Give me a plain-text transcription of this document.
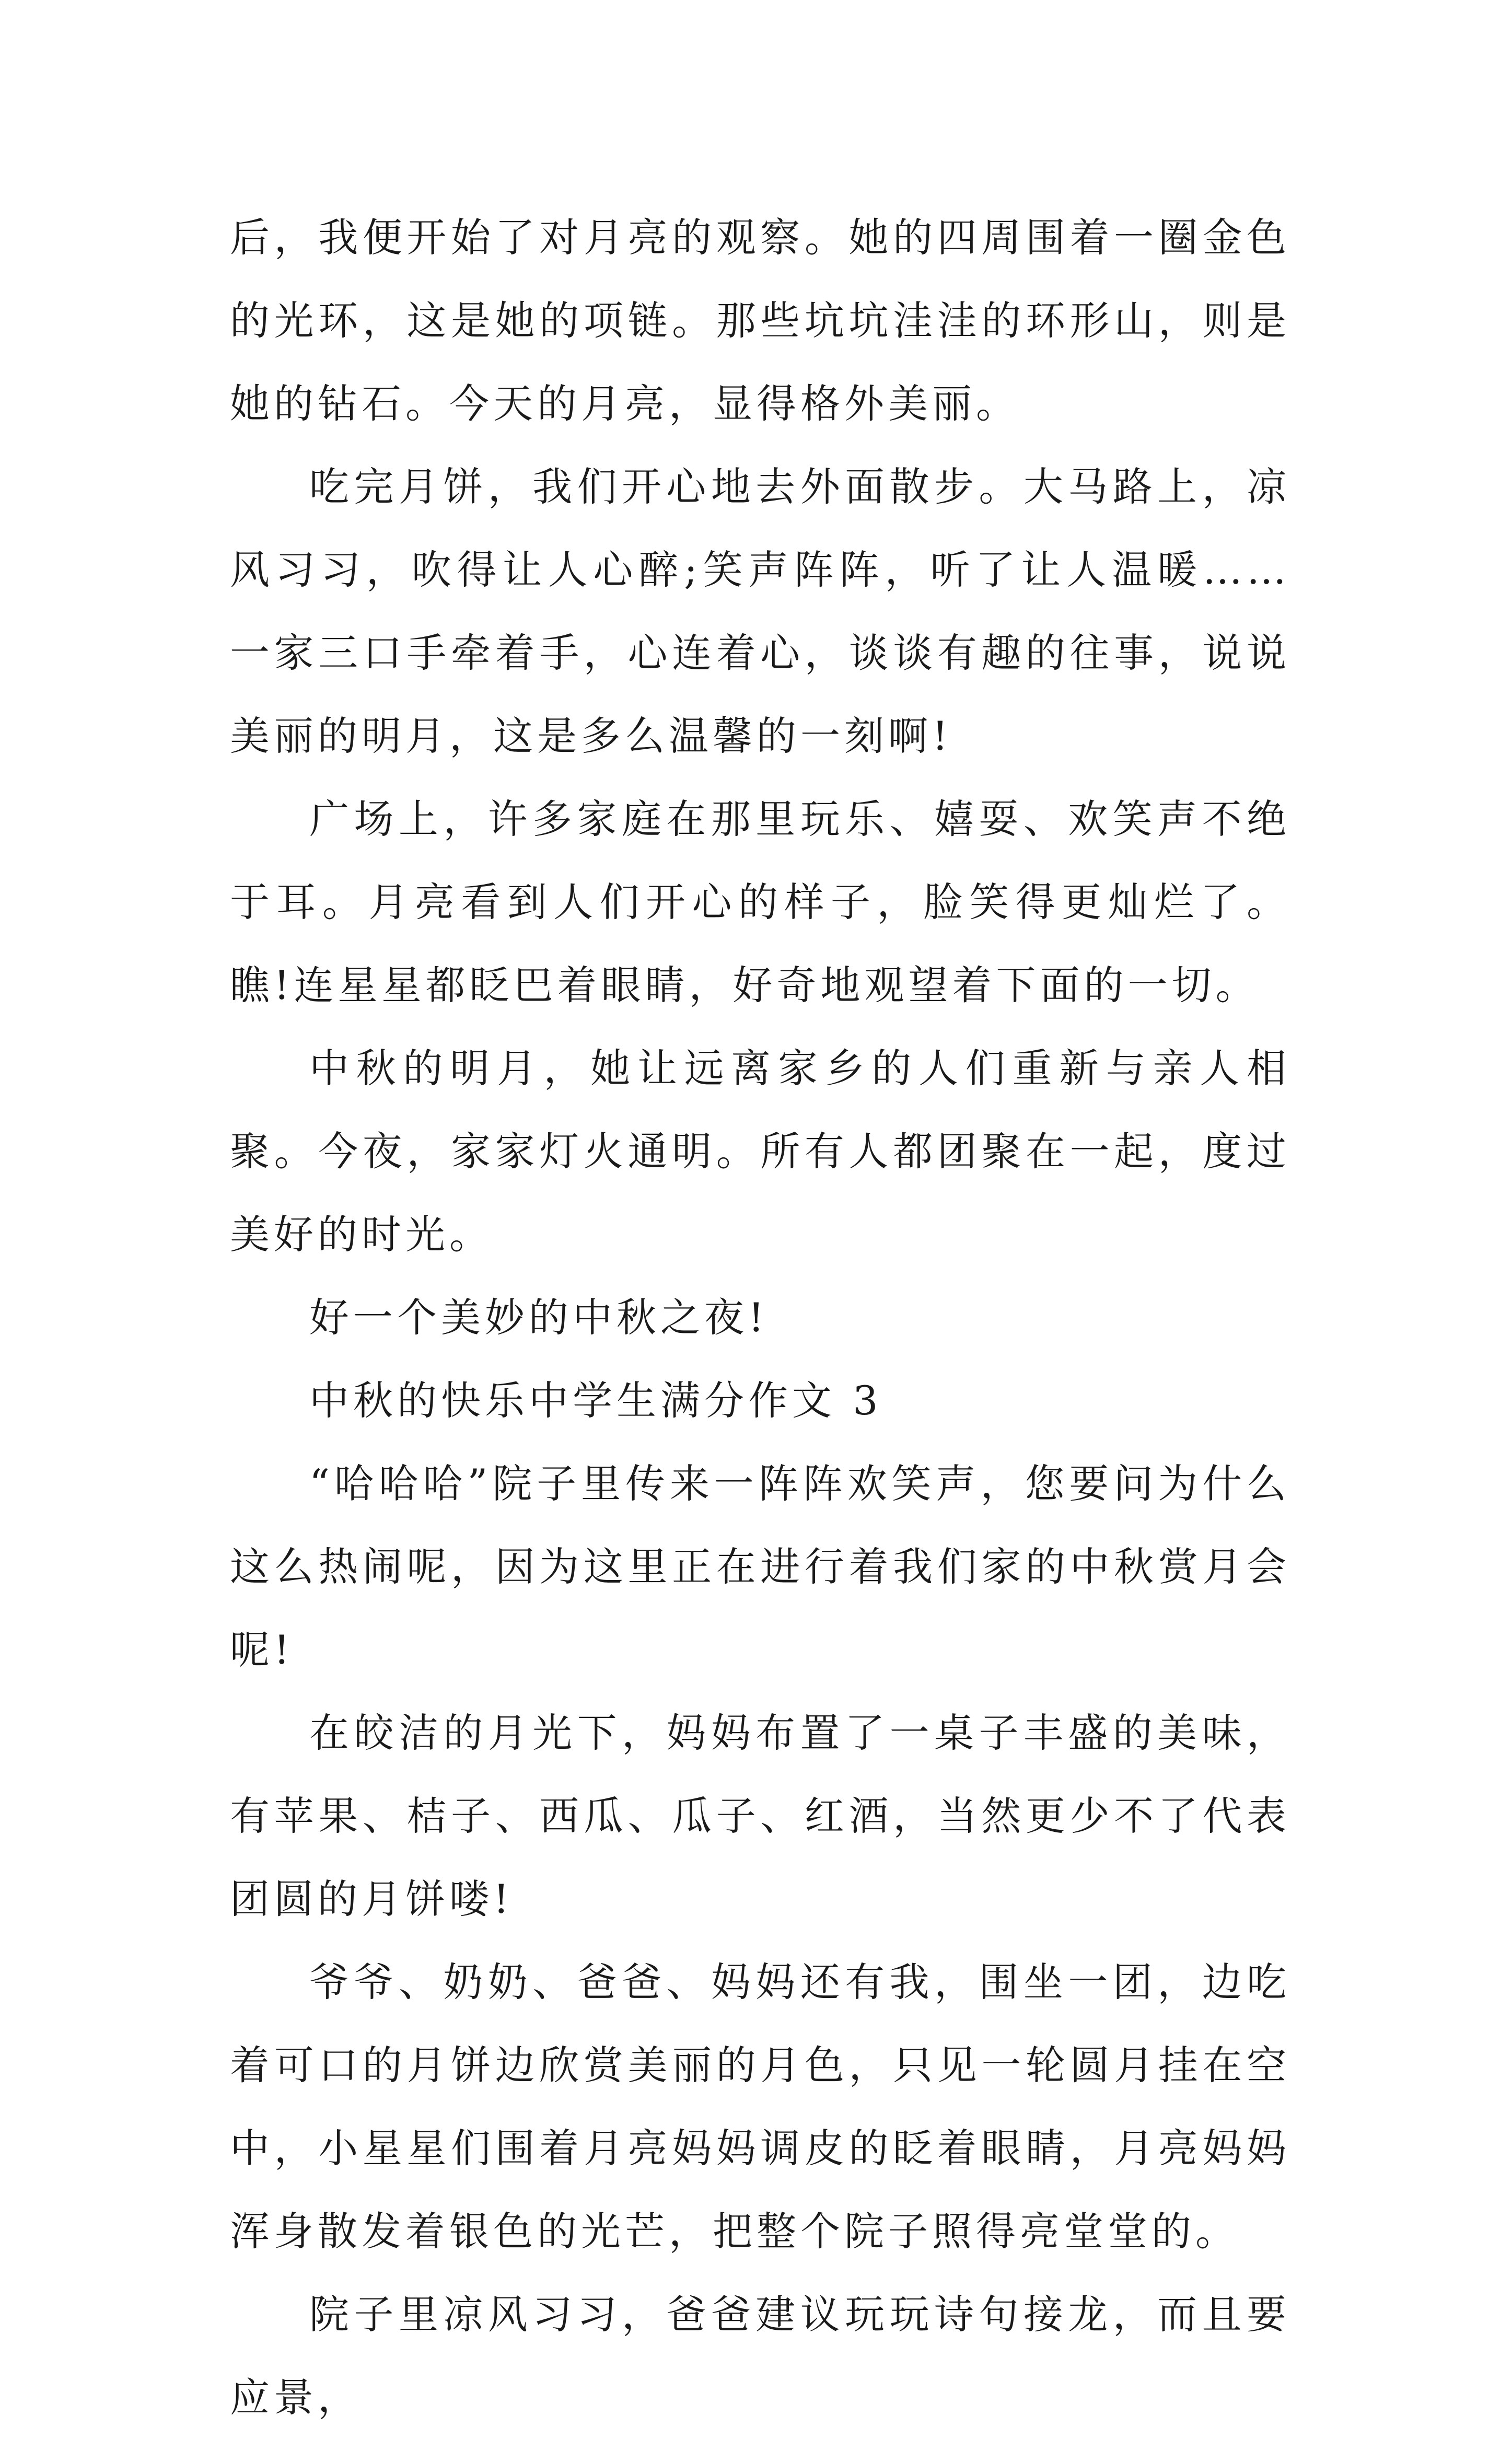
后，我便开始了对月亮的观察。她的四周围着一圈金色的光环，这是她的项链。那些坑坑洼洼的环形山，则是她的钻石。今天的月亮，显得格外美丽。

吃完月饼，我们开心地去外面散步。大马路上，凉风习习，吹得让人心醉;笑声阵阵，听了让人温暖……一家三口手牵着手，心连着心，谈谈有趣的往事，说说美丽的明月，这是多么温馨的一刻啊!

广场上，许多家庭在那里玩乐、嬉耍、欢笑声不绝于耳。月亮看到人们开心的样子，脸笑得更灿烂了。瞧!连星星都眨巴着眼睛，好奇地观望着下面的一切。

中秋的明月，她让远离家乡的人们重新与亲人相聚。今夜，家家灯火通明。所有人都团聚在一起，度过美好的时光。

好一个美妙的中秋之夜!

中秋的快乐中学生满分作文 3

“哈哈哈”院子里传来一阵阵欢笑声，您要问为什么这么热闹呢，因为这里正在进行着我们家的中秋赏月会呢!

在皎洁的月光下，妈妈布置了一桌子丰盛的美味，有苹果、桔子、西瓜、瓜子、红酒，当然更少不了代表团圆的月饼喽!

爷爷、奶奶、爸爸、妈妈还有我，围坐一团，边吃着可口的月饼边欣赏美丽的月色，只见一轮圆月挂在空中，小星星们围着月亮妈妈调皮的眨着眼睛，月亮妈妈浑身散发着银色的光芒，把整个院子照得亮堂堂的。

院子里凉风习习，爸爸建议玩玩诗句接龙，而且要应景，
